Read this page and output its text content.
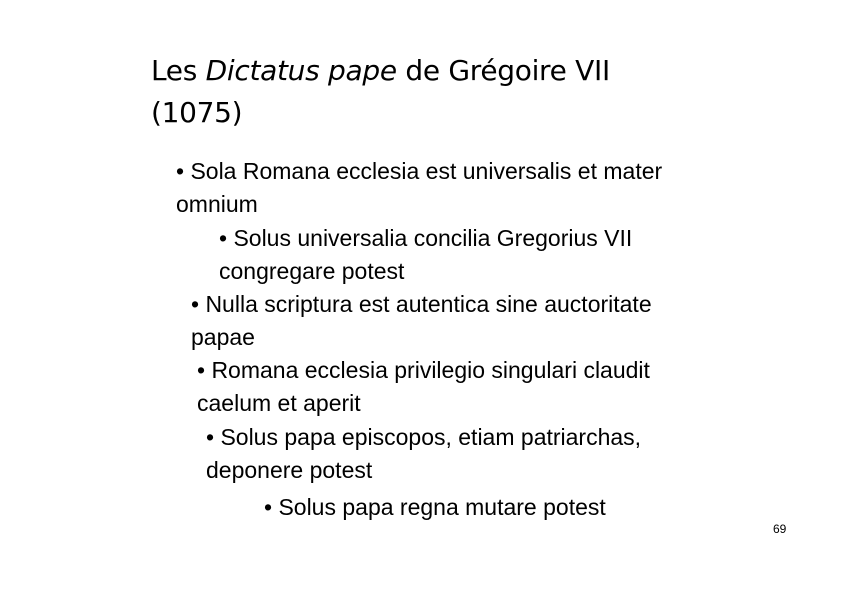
Les Dictatus pape de Grégoire VII
(1075)
• Sola Romana ecclesia est universalis et mater
omnium
• Solus universalia concilia Gregorius VII
congregare potest
• Nulla scriptura est autentica sine auctoritate
papae
• Romana ecclesia privilegio singulari claudit
caelum et aperit
• Solus papa episcopos, etiam patriarchas,
deponere potest
• Solus papa regna mutare potest
69
